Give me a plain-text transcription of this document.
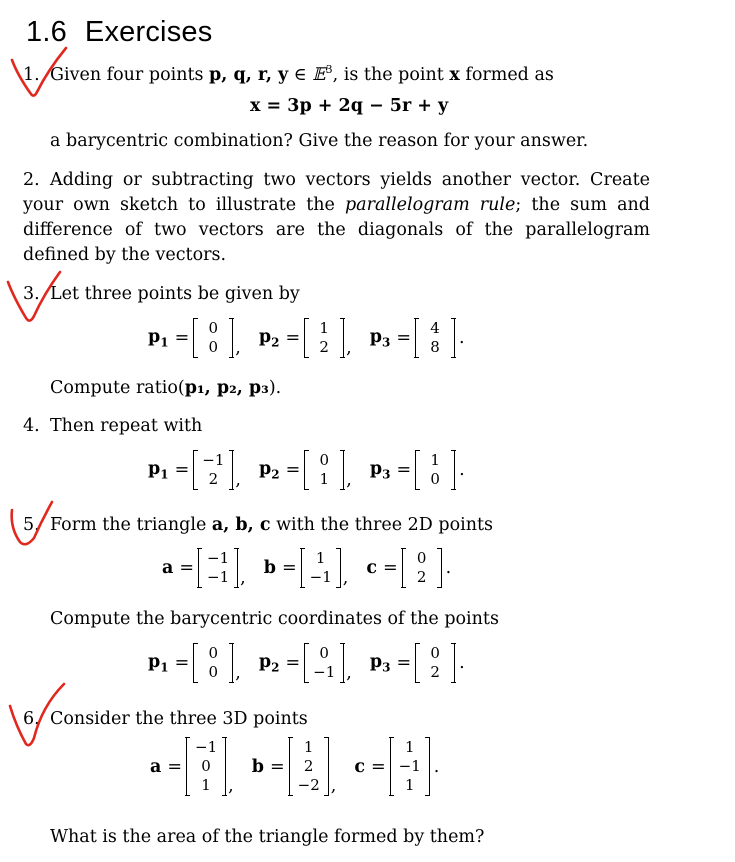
1.6 Exercises
1. Given four points p, q, r, y ∈ 𝔼$^3$, is the point x formed as
x = 3p + 2q − 5r + y
a barycentric combination? Give the reason for your answer.
2. Adding or subtracting two vectors yields another vector. Create your own sketch to illustrate the parallelogram rule; the sum and difference of two vectors are the diagonals of the parallelogram defined by the vectors.
3. Let three points be given by
$p_1$ =	0
0 ,
$p_2$ =	1
2 ,
$p_3$ =	4
8	.
Compute ratio(p₁, p₂, p₃).
4. Then repeat with
$p_1 = -1$
2 ,
$p_2$ =	0
1 ,
$p_3$ =	1
0	.
5. Form the triangle a, b, c with the three 2D points
a = −1
−1 , b =	1
−1 , c =	0
2	.
Compute the barycentric coordinates of the points
$p_1$ =	0
0 ,
$p_2$ =	0
−1 ,
$p_3$ =	0
2	.
6. Consider the three 3D points
a =
−1
0
1 ,
b =
1
2
−2 ,
c =
1
−1
1
.
What is the area of the triangle formed by them?
